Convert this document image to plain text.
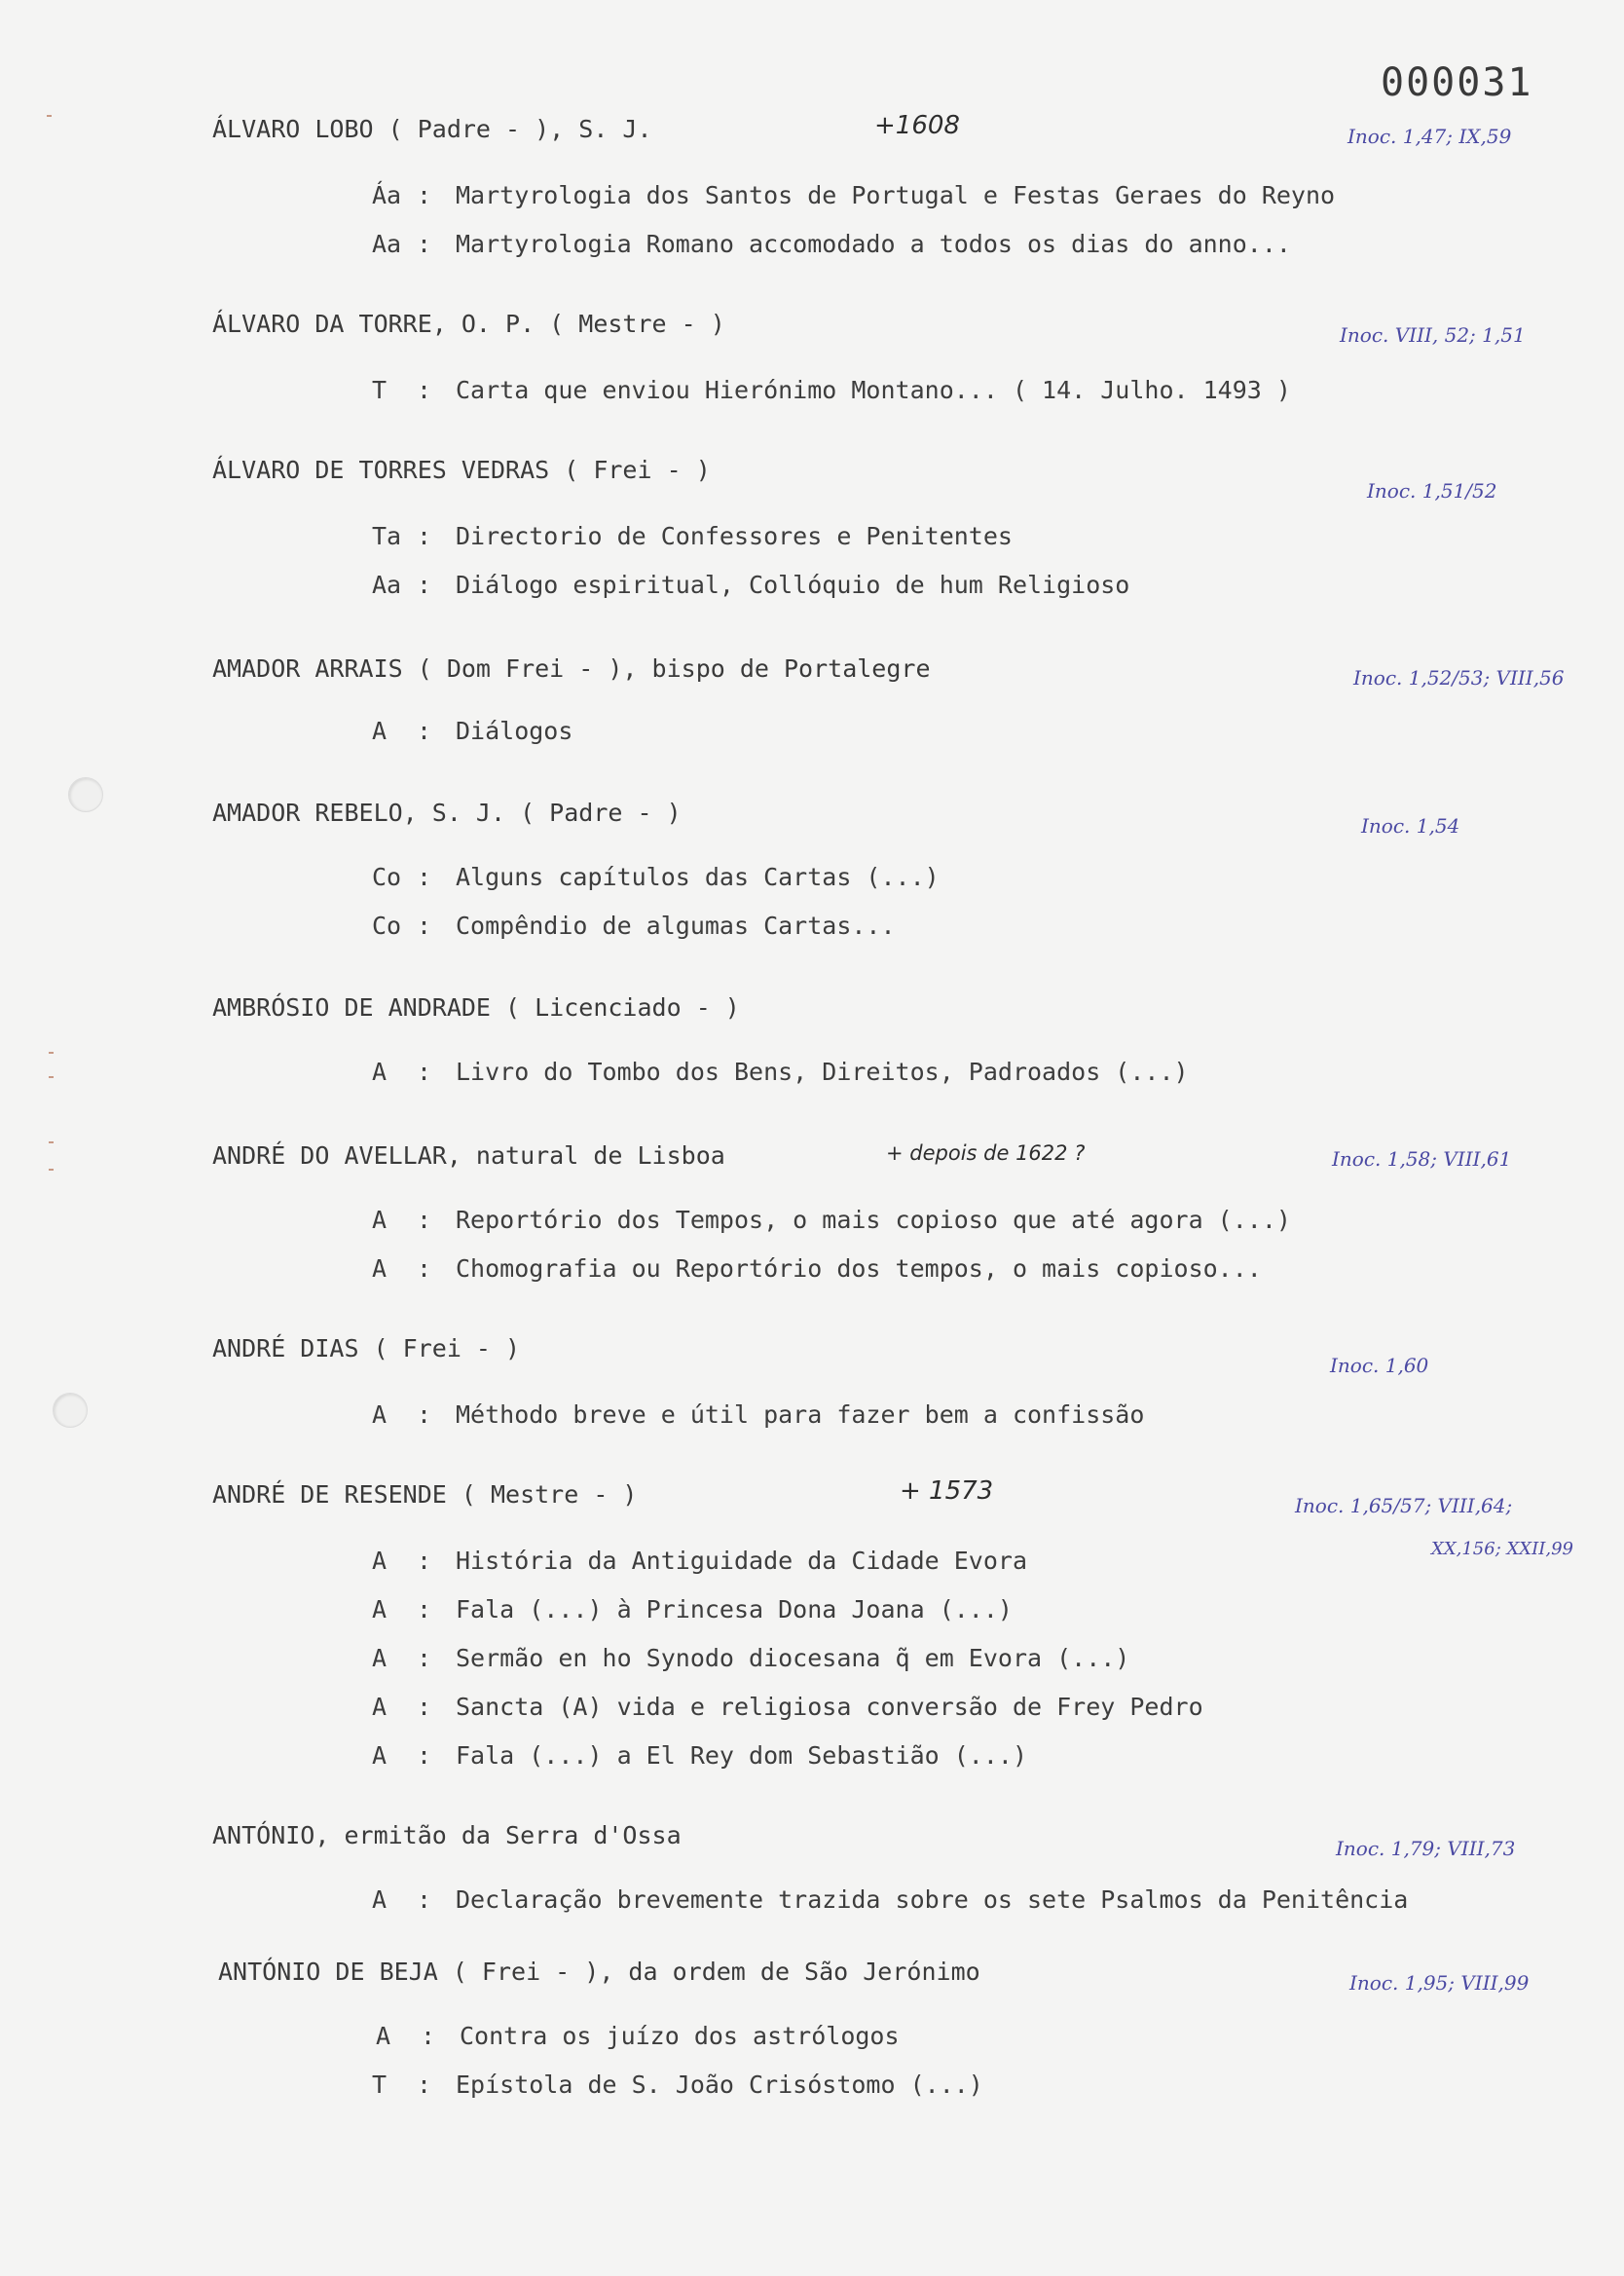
000031
ÁLVARO LOBO ( Padre - ), S. J.	+1608	Inoc. 1,47; IX,59
Áa : Martyrologia dos Santos de Portugal e Festas Geraes do Reyno
Aa : Martyrologia Romano accomodado a todos os dias do anno...
ÁLVARO DA TORRE, O. P. ( Mestre - )	Inoc. VIII, 52; 1,51
T : Carta que enviou Hierónimo Montano... ( 14. Julho. 1493 )
ÁLVARO DE TORRES VEDRAS ( Frei - )
Inoc. 1,51/52
Ta : Directorio de Confessores e Penitentes
Aa : Diálogo espiritual, Collóquio de hum Religioso
AMADOR ARRAIS ( Dom Frei - ), bispo de Portalegre	Inoc. 1,52/53; VIII,56
A : Diálogos
AMADOR REBELO, S. J. ( Padre - )	Inoc. 1,54
Co : Alguns capítulos das Cartas (...)
Co : Compêndio de algumas Cartas...
AMBRÓSIO DE ANDRADE ( Licenciado - )
A : Livro do Tombo dos Bens, Direitos, Padroados (...)
ANDRÉ DO AVELLAR, natural de Lisboa	+ depois de 1622 ?	Inoc. 1,58; VIII,61
A : Reportório dos Tempos, o mais copioso que até agora (...)
A : Chomografia ou Reportório dos tempos, o mais copioso...
ANDRÉ DIAS ( Frei - )
Inoc. 1,60
A : Méthodo breve e útil para fazer bem a confissão
ANDRÉ DE RESENDE ( Mestre - )	+ 1573	Inoc. 1,65/57; VIII,64;
XX,156; XXII,99
A : História da Antiguidade da Cidade Evora
A : Fala (...) à Princesa Dona Joana (...)
A : Sermão en ho Synodo diocesana q̃ em Evora (...)
A : Sancta (A) vida e religiosa conversão de Frey Pedro
A : Fala (...) a El Rey dom Sebastião (...)
ANTÓNIO, ermitão da Serra d'Ossa	Inoc. 1,79; VIII,73
A : Declaração brevemente trazida sobre os sete Psalmos da Penitência
ANTÓNIO DE BEJA ( Frei - ), da ordem de São Jerónimo	Inoc. 1,95; VIII,99
A : Contra os juízo dos astrólogos
T : Epístola de S. João Crisóstomo (...)
